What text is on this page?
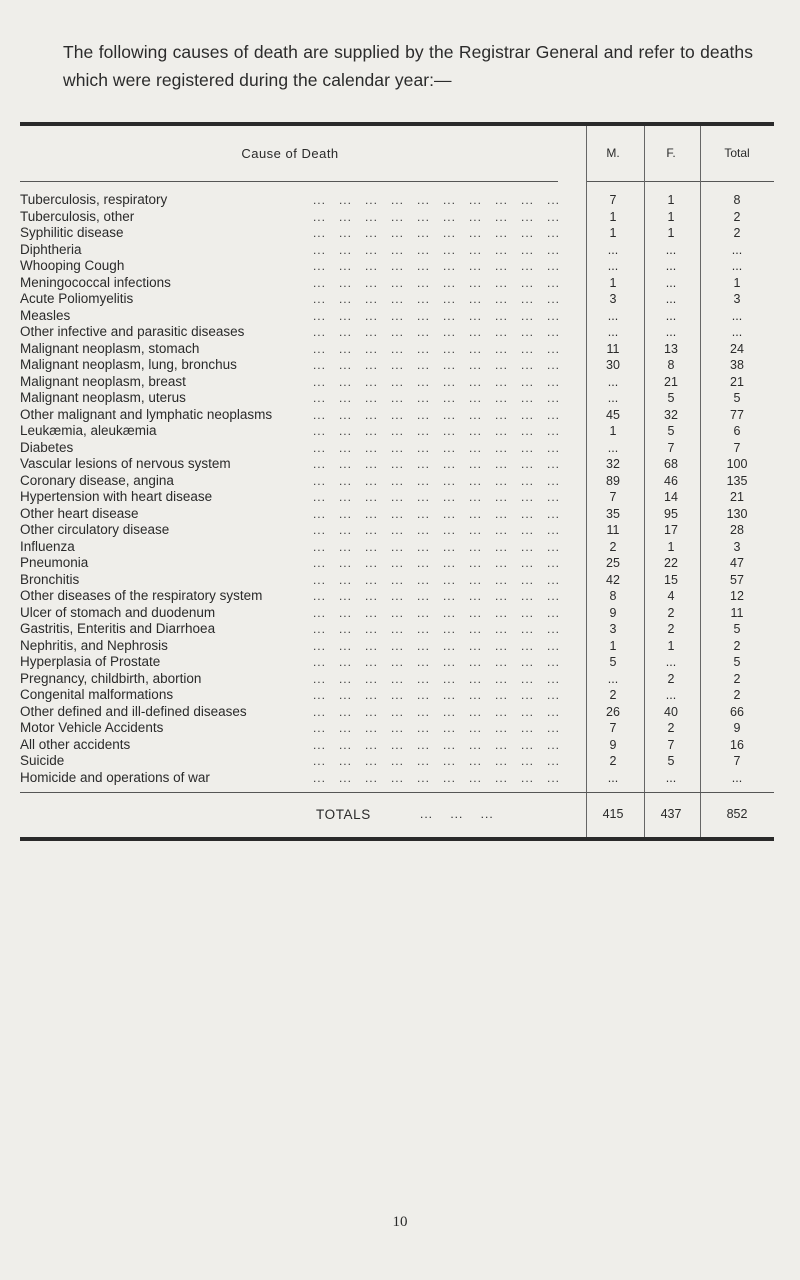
The following causes of death are supplied by the Registrar General and refer to deaths which were registered during the calendar year:—
Cause of Death	M.	F.	Total
Tuberculosis, respiratory	...   ...   ...   ...   ...   ...   ...   ...   ...   ...	7	1	8
Tuberculosis, other	...   ...   ...   ...   ...   ...   ...   ...   ...   ...	1	1	2
Syphilitic disease	...   ...   ...   ...   ...   ...   ...   ...   ...   ...	1	1	2
Diphtheria	...   ...   ...   ...   ...   ...   ...   ...   ...   ...	...	...	...
Whooping Cough	...   ...   ...   ...   ...   ...   ...   ...   ...   ...	...	...	...
Meningococcal infections	...   ...   ...   ...   ...   ...   ...   ...   ...   ...	1	...	1
Acute Poliomyelitis	...   ...   ...   ...   ...   ...   ...   ...   ...   ...	3	...	3
Measles	...   ...   ...   ...   ...   ...   ...   ...   ...   ...	...	...	...
Other infective and parasitic diseases	...   ...   ...   ...   ...   ...   ...   ...   ...   ...	...	...	...
Malignant neoplasm, stomach	...   ...   ...   ...   ...   ...   ...   ...   ...   ...	11	13	24
Malignant neoplasm, lung, bronchus	...   ...   ...   ...   ...   ...   ...   ...   ...   ...	30	8	38
Malignant neoplasm, breast	...   ...   ...   ...   ...   ...   ...   ...   ...   ...	...	21	21
Malignant neoplasm, uterus	...   ...   ...   ...   ...   ...   ...   ...   ...   ...	...	5	5
Other malignant and lymphatic neoplasms	...   ...   ...   ...   ...   ...   ...   ...   ...   ...	45	32	77
Leukæmia, aleukæmia	...   ...   ...   ...   ...   ...   ...   ...   ...   ...	1	5	6
Diabetes	...   ...   ...   ...   ...   ...   ...   ...   ...   ...	...	7	7
Vascular lesions of nervous system	...   ...   ...   ...   ...   ...   ...   ...   ...   ...	32	68	100
Coronary disease, angina	...   ...   ...   ...   ...   ...   ...   ...   ...   ...	89	46	135
Hypertension with heart disease	...   ...   ...   ...   ...   ...   ...   ...   ...   ...	7	14	21
Other heart disease	...   ...   ...   ...   ...   ...   ...   ...   ...   ...	35	95	130
Other circulatory disease	...   ...   ...   ...   ...   ...   ...   ...   ...   ...	11	17	28
Influenza	...   ...   ...   ...   ...   ...   ...   ...   ...   ...	2	1	3
Pneumonia	...   ...   ...   ...   ...   ...   ...   ...   ...   ...	25	22	47
Bronchitis	...   ...   ...   ...   ...   ...   ...   ...   ...   ...	42	15	57
Other diseases of the respiratory system	...   ...   ...   ...   ...   ...   ...   ...   ...   ...	8	4	12
Ulcer of stomach and duodenum	...   ...   ...   ...   ...   ...   ...   ...   ...   ...	9	2	11
Gastritis, Enteritis and Diarrhoea	...   ...   ...   ...   ...   ...   ...   ...   ...   ...	3	2	5
Nephritis, and Nephrosis	...   ...   ...   ...   ...   ...   ...   ...   ...   ...	1	1	2
Hyperplasia of Prostate	...   ...   ...   ...   ...   ...   ...   ...   ...   ...	5	...	5
Pregnancy, childbirth, abortion	...   ...   ...   ...   ...   ...   ...   ...   ...   ...	...	2	2
Congenital malformations	...   ...   ...   ...   ...   ...   ...   ...   ...   ...	2	...	2
Other defined and ill-defined diseases	...   ...   ...   ...   ...   ...   ...   ...   ...   ...	26	40	66
Motor Vehicle Accidents	...   ...   ...   ...   ...   ...   ...   ...   ...   ...	7	2	9
All other accidents	...   ...   ...   ...   ...   ...   ...   ...   ...   ...	9	7	16
Suicide	...   ...   ...   ...   ...   ...   ...   ...   ...   ...	2	5	7
Homicide and operations of war	...   ...   ...   ...   ...   ...   ...   ...   ...   ...	...	...	...
TOTALS	...    ...    ...	415	437	852
10
